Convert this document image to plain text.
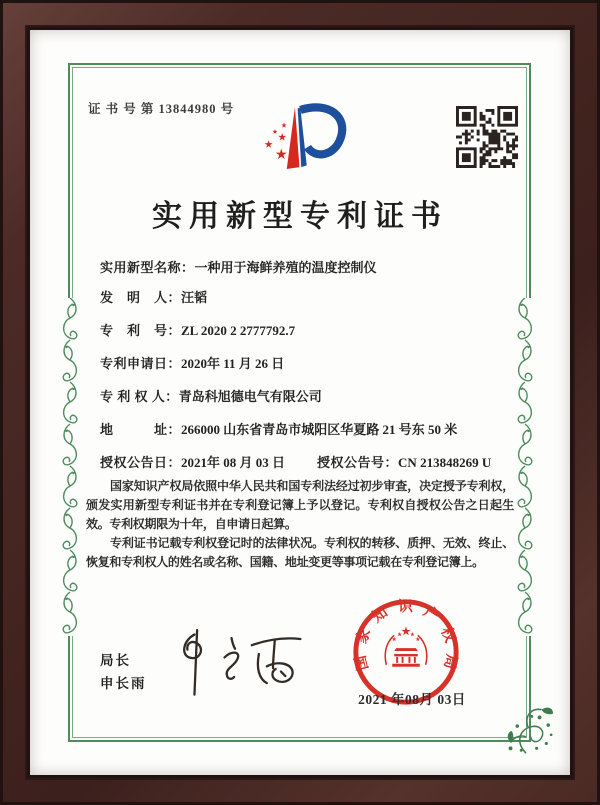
证 书 号 第 13844980 号
实用新型专利证书
实用新型名称：一种用于海鲜养殖的温度控制仪
发　明　人：汪韬
专　利　号：ZL 2020 2 2777792.7
专利申请日：2020年 11 月 26 日
专 利 权 人：青岛科旭德电气有限公司
地　　　址：266000 山东省青岛市城阳区华夏路 21 号东 50 米
授权公告日：2021年 08 月 03 日 授权公告号：CN 213848269 U

国家知识产权局依照中华人民共和国专利法经过初步审查，决定授予专利权，颁发实用新型专利证书并在专利登记簿上予以登记。专利权自授权公告之日起生效。专利权期限为十年，自申请日起算。

专利证书记载专利权登记时的法律状况。专利权的转移、质押、无效、终止、恢复和专利权人的姓名或名称、国籍、地址变更等事项记载在专利登记簿上。

局长
申长雨
国家知识产权局
2021 年08月 03日
